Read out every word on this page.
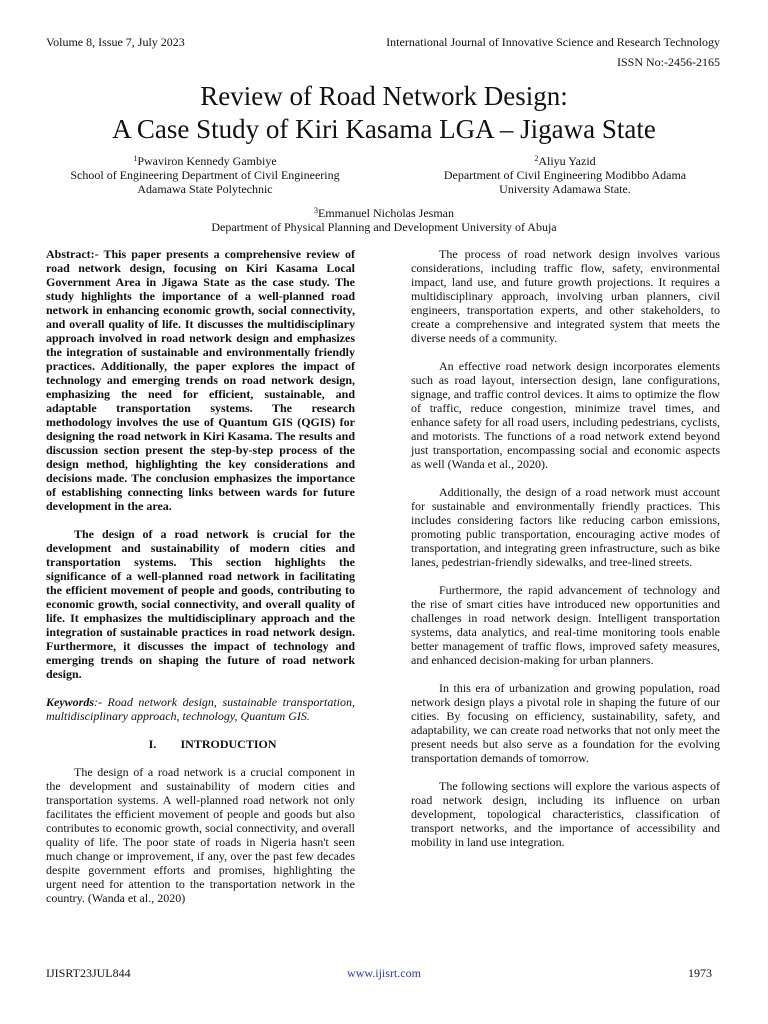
Volume 8, Issue 7, July 2023	International Journal of Innovative Science and Research Technology
ISSN No:-2456-2165
Review of Road Network Design:
A Case Study of Kiri Kasama LGA – Jigawa State
$^1$Pwaviron Kennedy Gambiye
School of Engineering Department of Civil Engineering
Adamawa State Polytechnic
$^2$Aliyu Yazid
Department of Civil Engineering Modibbo Adama
University Adamawa State.
$^3$Emmanuel Nicholas Jesman
Department of Physical Planning and Development University of Abuja

Abstract:- This paper presents a comprehensive review of road network design, focusing on Kiri Kasama Local Government Area in Jigawa State as the case study. The study highlights the importance of a well-planned road network in enhancing economic growth, social connectivity, and overall quality of life. It discusses the multidisciplinary approach involved in road network design and emphasizes the integration of sustainable and environmentally friendly practices. Additionally, the paper explores the impact of technology and emerging trends on road network design, emphasizing the need for efficient, sustainable, and adaptable transportation systems. The research methodology involves the use of Quantum GIS (QGIS) for designing the road network in Kiri Kasama. The results and discussion section present the step-by-step process of the design method, highlighting the key considerations and decisions made. The conclusion emphasizes the importance of establishing connecting links between wards for future development in the area.

The design of a road network is crucial for the development and sustainability of modern cities and transportation systems. This section highlights the significance of a well-planned road network in facilitating the efficient movement of people and goods, contributing to economic growth, social connectivity, and overall quality of life. It emphasizes the multidisciplinary approach and the integration of sustainable practices in road network design. Furthermore, it discusses the impact of technology and emerging trends on shaping the future of road network design.

Keywords:- Road network design, sustainable transportation, multidisciplinary approach, technology, Quantum GIS.

I. INTRODUCTION

The design of a road network is a crucial component in the development and sustainability of modern cities and transportation systems. A well-planned road network not only facilitates the efficient movement of people and goods but also contributes to economic growth, social connectivity, and overall quality of life. The poor state of roads in Nigeria hasn't seen much change or improvement, if any, over the past few decades despite government efforts and promises, highlighting the urgent need for attention to the transportation network in the country. (Wanda et al., 2020)

The process of road network design involves various considerations, including traffic flow, safety, environmental impact, land use, and future growth projections. It requires a multidisciplinary approach, involving urban planners, civil engineers, transportation experts, and other stakeholders, to create a comprehensive and integrated system that meets the diverse needs of a community.

An effective road network design incorporates elements such as road layout, intersection design, lane configurations, signage, and traffic control devices. It aims to optimize the flow of traffic, reduce congestion, minimize travel times, and enhance safety for all road users, including pedestrians, cyclists, and motorists. The functions of a road network extend beyond just transportation, encompassing social and economic aspects as well (Wanda et al., 2020).

Additionally, the design of a road network must account for sustainable and environmentally friendly practices. This includes considering factors like reducing carbon emissions, promoting public transportation, encouraging active modes of transportation, and integrating green infrastructure, such as bike lanes, pedestrian-friendly sidewalks, and tree-lined streets.

Furthermore, the rapid advancement of technology and the rise of smart cities have introduced new opportunities and challenges in road network design. Intelligent transportation systems, data analytics, and real-time monitoring tools enable better management of traffic flows, improved safety measures, and enhanced decision-making for urban planners.

In this era of urbanization and growing population, road network design plays a pivotal role in shaping the future of our cities. By focusing on efficiency, sustainability, safety, and adaptability, we can create road networks that not only meet the present needs but also serve as a foundation for the evolving transportation demands of tomorrow.

The following sections will explore the various aspects of road network design, including its influence on urban development, topological characteristics, classification of transport networks, and the importance of accessibility and mobility in land use integration.

IJISRT23JUL844	www.ijisrt.com	1973
